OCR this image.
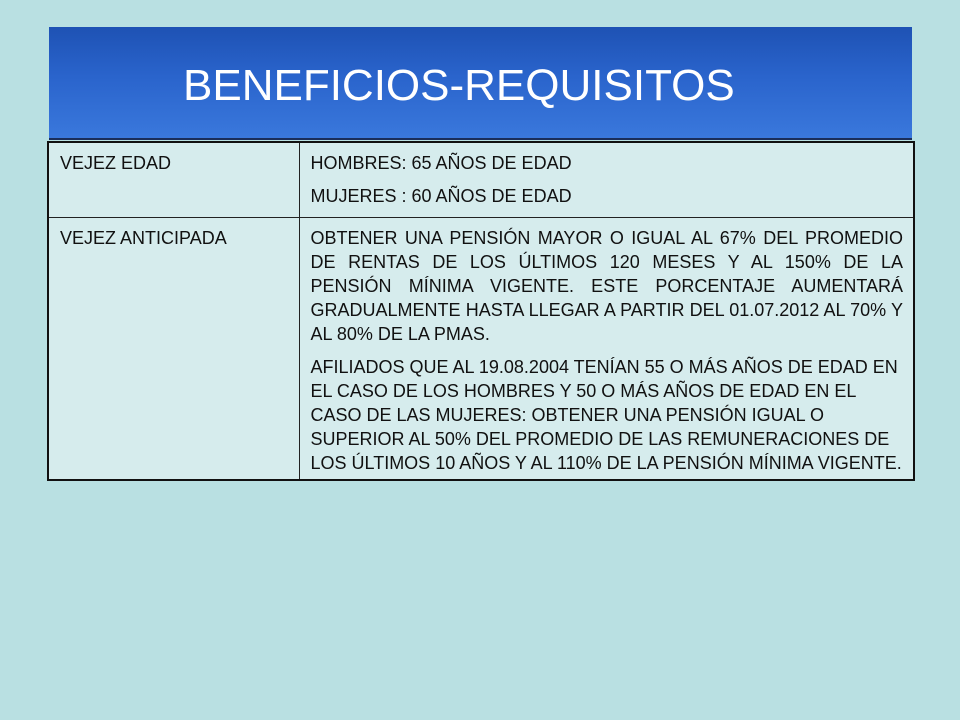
BENEFICIOS-REQUISITOS
VEJEZ EDAD	HOMBRES: 65 AÑOS DE EDAD

MUJERES : 60 AÑOS DE EDAD

VEJEZ ANTICIPADA	OBTENER UNA PENSIÓN MAYOR O IGUAL AL 67% DEL PROMEDIO DE RENTAS DE LOS ÚLTIMOS 120 MESES Y AL 150% DE LA PENSIÓN MÍNIMA VIGENTE. ESTE PORCENTAJE AUMENTARÁ GRADUALMENTE HASTA LLEGAR A PARTIR DEL 01.07.2012 AL 70% Y AL 80% DE LA PMAS.

AFILIADOS QUE AL 19.08.2004 TENÍAN 55 O MÁS AÑOS DE EDAD EN EL CASO DE LOS HOMBRES Y 50 O MÁS AÑOS DE EDAD EN EL CASO DE LAS MUJERES: OBTENER UNA PENSIÓN IGUAL O SUPERIOR AL 50% DEL PROMEDIO DE LAS REMUNERACIONES DE LOS ÚLTIMOS 10 AÑOS Y AL 110% DE LA PENSIÓN MÍNIMA VIGENTE.
